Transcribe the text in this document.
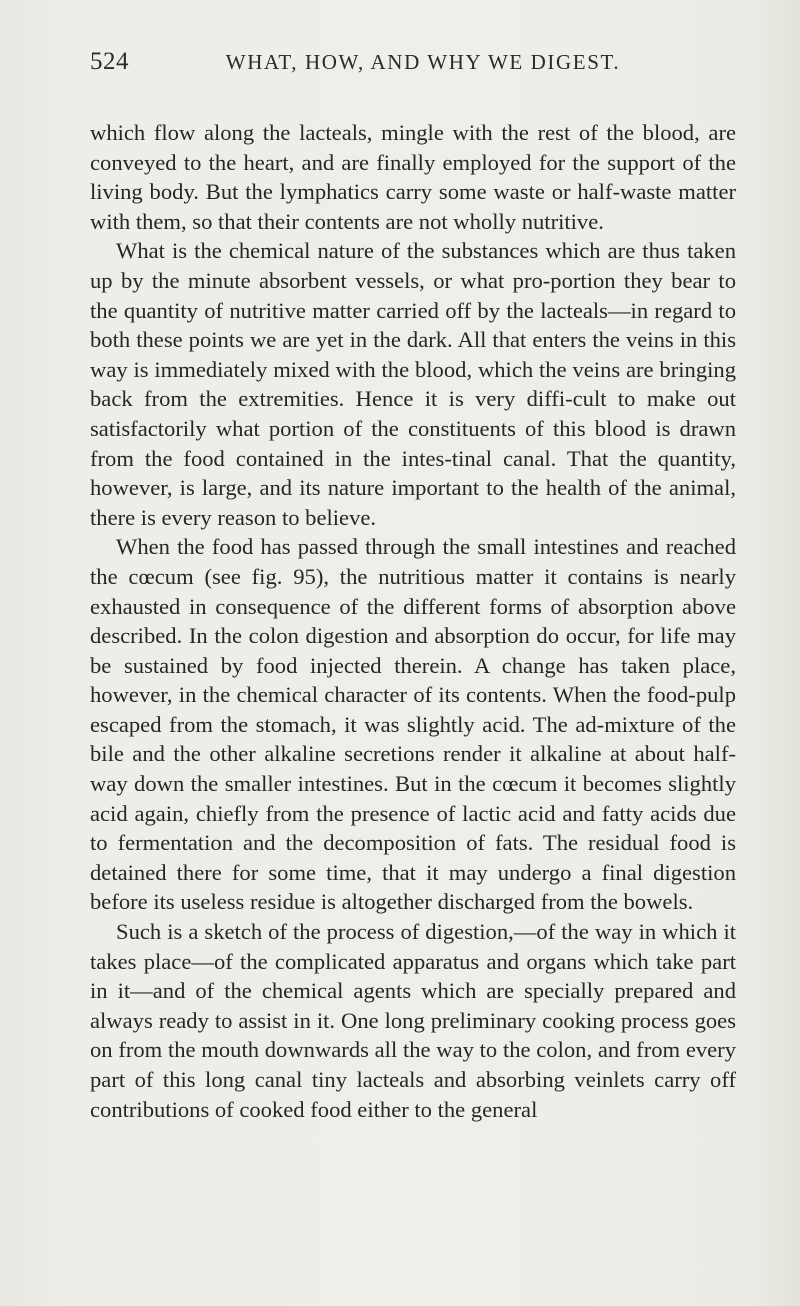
524	WHAT, HOW, AND WHY WE DIGEST.

which flow along the lacteals, mingle with the rest of the blood, are conveyed to the heart, and are finally employed for the support of the living body. But the lymphatics carry some waste or half-waste matter with them, so that their contents are not wholly nutritive.

What is the chemical nature of the substances which are thus taken up by the minute absorbent vessels, or what pro-portion they bear to the quantity of nutritive matter carried off by the lacteals—in regard to both these points we are yet in the dark. All that enters the veins in this way is immediately mixed with the blood, which the veins are bringing back from the extremities. Hence it is very diffi-cult to make out satisfactorily what portion of the constituents of this blood is drawn from the food contained in the intes-tinal canal. That the quantity, however, is large, and its nature important to the health of the animal, there is every reason to believe.

When the food has passed through the small intestines and reached the cœcum (see fig. 95), the nutritious matter it contains is nearly exhausted in consequence of the different forms of absorption above described. In the colon digestion and absorption do occur, for life may be sustained by food injected therein. A change has taken place, however, in the chemical character of its contents. When the food-pulp escaped from the stomach, it was slightly acid. The ad-mixture of the bile and the other alkaline secretions render it alkaline at about half-way down the smaller intestines. But in the cœcum it becomes slightly acid again, chiefly from the presence of lactic acid and fatty acids due to fermentation and the decomposition of fats. The residual food is detained there for some time, that it may undergo a final digestion before its useless residue is altogether discharged from the bowels.

Such is a sketch of the process of digestion,—of the way in which it takes place—of the complicated apparatus and organs which take part in it—and of the chemical agents which are specially prepared and always ready to assist in it. One long preliminary cooking process goes on from the mouth downwards all the way to the colon, and from every part of this long canal tiny lacteals and absorbing veinlets carry off contributions of cooked food either to the general
